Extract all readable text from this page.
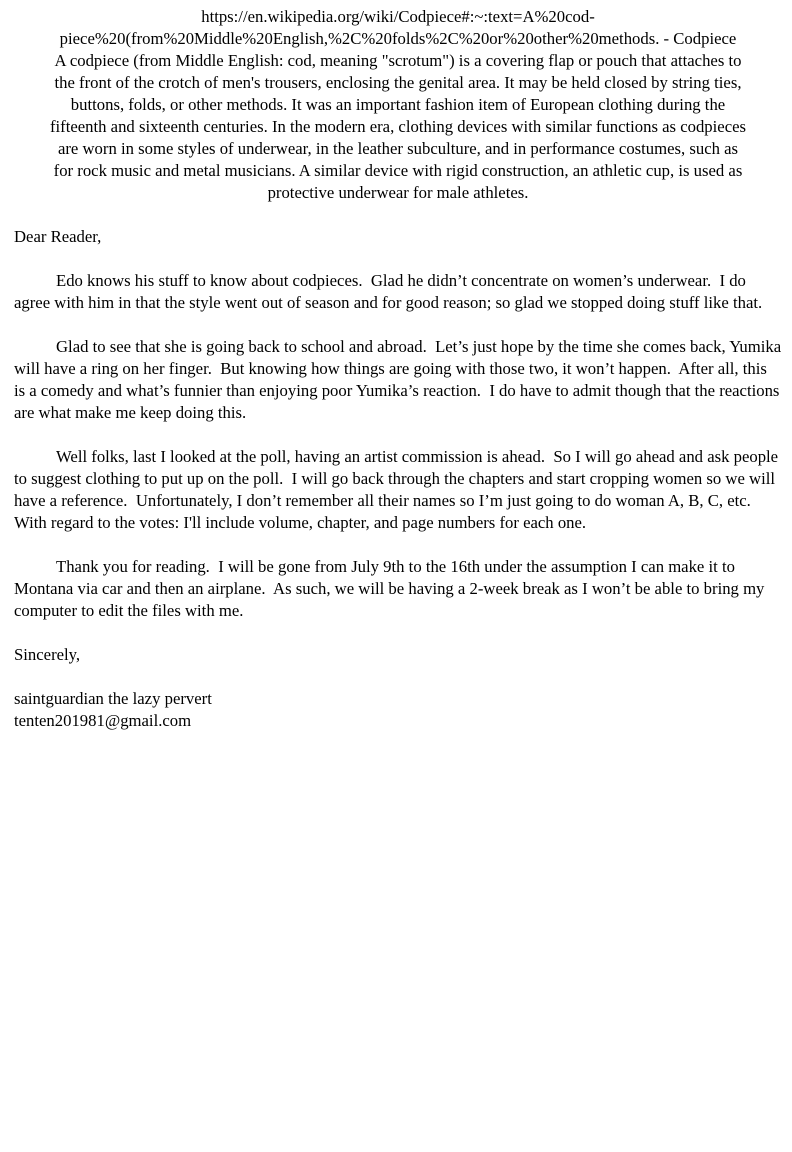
https://en.wikipedia.org/wiki/Codpiece#:~:text=A%20cod-
piece%20(from%20Middle%20English,%2C%20folds%2C%20or%20other%20methods. - Codpiece
A codpiece (from Middle English: cod, meaning "scrotum") is a covering flap or pouch that attaches to
the front of the crotch of men's trousers, enclosing the genital area. It may be held closed by string ties,
buttons, folds, or other methods. It was an important fashion item of European clothing during the
fifteenth and sixteenth centuries. In the modern era, clothing devices with similar functions as codpieces
are worn in some styles of underwear, in the leather subculture, and in performance costumes, such as
for rock music and metal musicians. A similar device with rigid construction, an athletic cup, is used as
protective underwear for male athletes.

Dear Reader,

Edo knows his stuff to know about codpieces.  Glad he didn’t concentrate on women’s underwear.  I do agree with him in that the style went out of season and for good reason; so glad we stopped doing stuff like that.

Glad to see that she is going back to school and abroad.  Let’s just hope by the time she comes back, Yumika will have a ring on her finger.  But knowing how things are going with those two, it won’t happen.  After all, this is a comedy and what’s funnier than enjoying poor Yumika’s reaction.  I do have to admit though that the reactions are what make me keep doing this.

Well folks, last I looked at the poll, having an artist commission is ahead.  So I will go ahead and ask people to suggest clothing to put up on the poll.  I will go back through the chapters and start cropping women so we will have a reference.  Unfortunately, I don’t remember all their names so I’m just going to do woman A, B, C, etc.  With regard to the votes: I'll include volume, chapter, and page numbers for each one.

Thank you for reading.  I will be gone from July 9th to the 16th under the assumption I can make it to Montana via car and then an airplane.  As such, we will be having a 2-week break as I won’t be able to bring my computer to edit the files with me.

Sincerely,

saintguardian the lazy pervert
tenten201981@gmail.com
